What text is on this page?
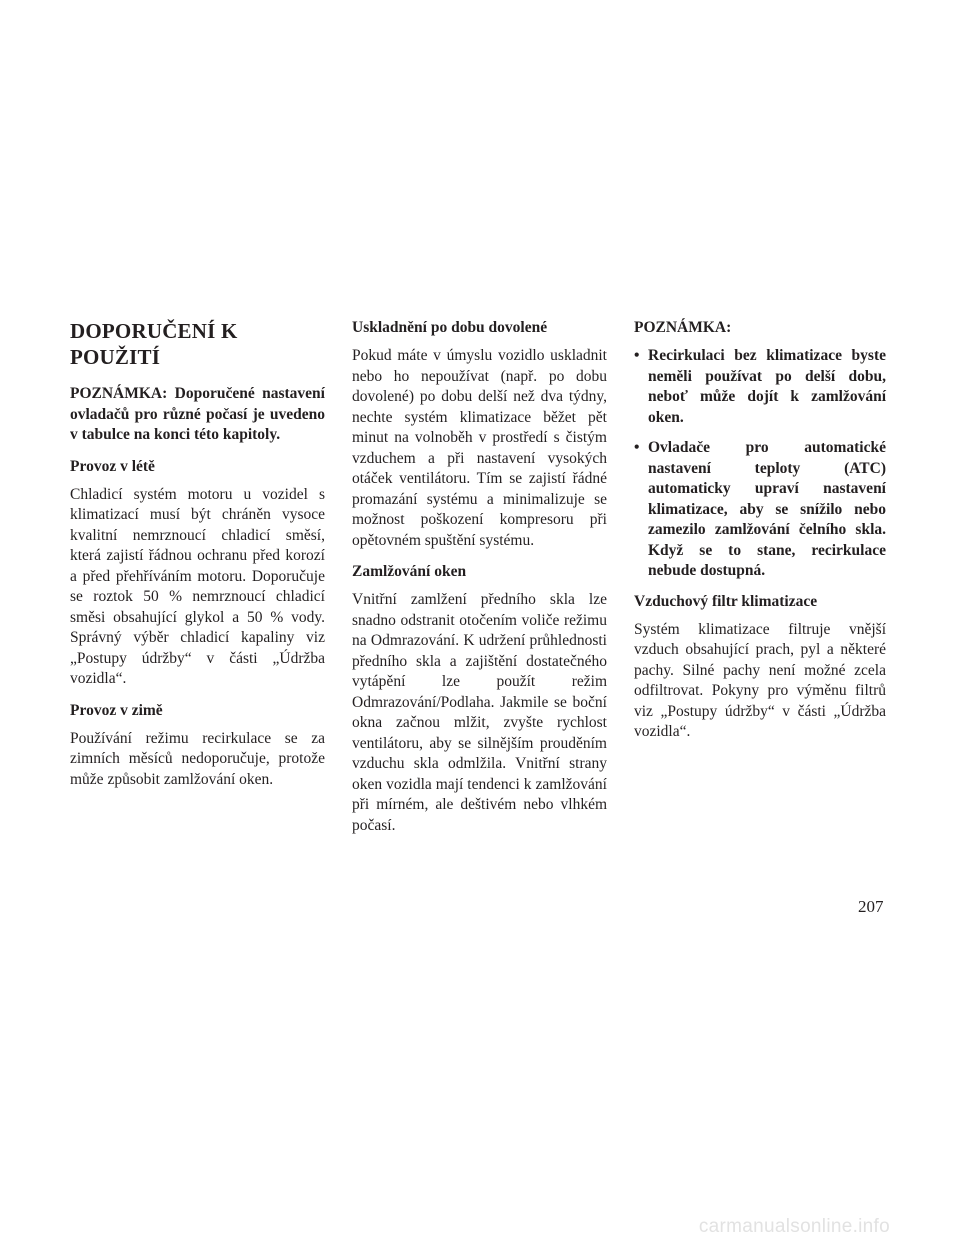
DOPORUČENÍ K POUŽITÍ

POZNÁMKA: Doporučené nastavení ovladačů pro různé počasí je uvedeno v tabulce na konci této kapitoly.

Provoz v létě

Chladicí systém motoru u vozidel s klimatizací musí být chráněn vysoce kvalitní nemrznoucí chladicí směsí, která zajistí řádnou ochranu před korozí a před přehříváním motoru. Doporučuje se roztok 50 % nemrznoucí chladicí směsi obsahující glykol a 50 % vody. Správný výběr chladicí kapaliny viz „Postupy údržby“ v části „Údržba vozidla“.

Provoz v zimě

Používání režimu recirkulace se za zimních měsíců nedoporučuje, protože může způsobit zamlžování oken.

Uskladnění po dobu dovolené

Pokud máte v úmyslu vozidlo uskladnit nebo ho nepoužívat (např. po dobu dovolené) po dobu delší než dva týdny, nechte systém klimatizace běžet pět minut na volnoběh v prostředí s čistým vzduchem a při nastavení vysokých otáček ventilátoru. Tím se zajistí řádné promazání systému a minimalizuje se možnost poškození kompresoru při opětovném spuštění systému.

Zamlžování oken

Vnitřní zamlžení předního skla lze snadno odstranit otočením voliče režimu na Odmrazování. K udržení průhlednosti předního skla a zajištění dostatečného vytápění lze použít režim Odmrazování/Podlaha. Jakmile se boční okna začnou mlžit, zvyšte rychlost ventilátoru, aby se silnějším prouděním vzduchu skla odmlžila. Vnitřní strany oken vozidla mají tendenci k zamlžování při mírném, ale deštivém nebo vlhkém počasí.

POZNÁMKA:
• Recirkulaci bez klimatizace byste neměli používat po delší dobu, neboť může dojít k zamlžování oken.
• Ovladače pro automatické nastavení teploty (ATC) automaticky upraví nastavení klimatizace, aby se snížilo nebo zamezilo zamlžování čelního skla. Když se to stane, recirkulace nebude dostupná.
Vzduchový filtr klimatizace

Systém klimatizace filtruje vnější vzduch obsahující prach, pyl a některé pachy. Silné pachy není možné zcela odfiltrovat. Pokyny pro výměnu filtrů viz „Postupy údržby“ v části „Údržba vozidla“.

207
carmanualsonline.info
